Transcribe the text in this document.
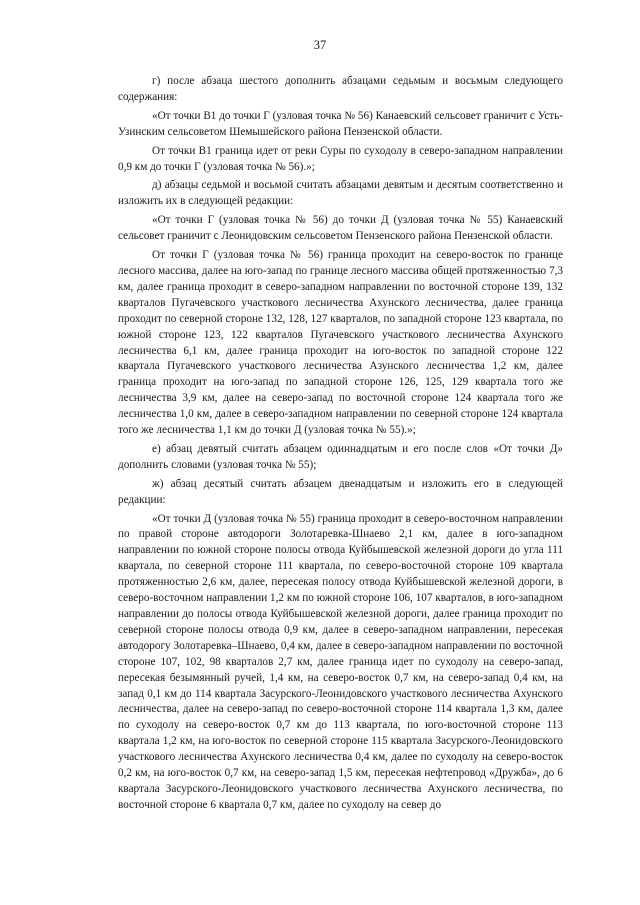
37

г) после абзаца шестого дополнить абзацами седьмым и восьмым следующего содержания:

«От точки В1 до точки Г (узловая точка № 56) Канаевский сельсовет граничит с Усть-Узинским сельсоветом Шемышейского района Пензенской области.

От точки В1 граница идет от реки Суры по суходолу в северо-западном направлении 0,9 км до точки Г (узловая точка № 56).»;

д) абзацы седьмой и восьмой считать абзацами девятым и десятым соответственно и изложить их в следующей редакции:

«От точки Г (узловая точка № 56) до точки Д (узловая точка № 55) Канаевский сельсовет граничит с Леонидовским сельсоветом Пензенского района Пензенской области.

От точки Г (узловая точка № 56) граница проходит на северо-восток по границе лесного массива, далее на юго-запад по границе лесного массива общей протяженностью 7,3 км, далее граница проходит в северо-западном направлении по восточной стороне 139, 132 кварталов Пугачевского участкового лесничества Ахунского лесничества, далее граница проходит по северной стороне 132, 128, 127 кварталов, по западной стороне 123 квартала, по южной стороне 123, 122 кварталов Пугачевского участкового лесничества Ахунского лесничества 6,1 км, далее граница проходит на юго-восток по западной стороне 122 квартала Пугачевского участкового лесничества Азунского лесничества 1,2 км, далее граница проходит на юго-запад по западной стороне 126, 125, 129 квартала того же лесничества 3,9 км, далее на северо-запад по восточной стороне 124 квартала того же лесничества 1,0 км, далее в северо-западном направлении по северной стороне 124 квартала того же лесничества 1,1 км до точки Д (узловая точка № 55).»;

е) абзац девятый считать абзацем одиннадцатым и его после слов «От точки Д» дополнить словами (узловая точка № 55);

ж) абзац десятый считать абзацем двенадцатым и изложить его в следующей редакции:

«От точки Д (узловая точка № 55) граница проходит в северо-восточном направлении по правой стороне автодороги Золотаревка-Шнаево 2,1 км, далее в юго-западном направлении по южной стороне полосы отвода Куйбышевской железной дороги до угла 111 квартала, по северной стороне 111 квартала, по северо-восточной стороне 109 квартала протяженностью 2,6 км, далее, пересекая полосу отвода Куйбышевской железной дороги, в северо-восточном направлении 1,2 км по южной стороне 106, 107 кварталов, в юго-западном направлении до полосы отвода Куйбышевской железной дороги, далее граница проходит по северной стороне полосы отвода 0,9 км, далее в северо-западном направлении, пересекая автодорогу Золотаревка–Шнаево, 0,4 км, далее в северо-западном направлении по восточной стороне 107, 102, 98 кварталов 2,7 км, далее граница идет по суходолу на северо-запад, пересекая безымянный ручей, 1,4 км, на северо-восток 0,7 км, на северо-запад 0,4 км, на запад 0,1 км до 114 квартала Засурского-Леонидовского участкового лесничества Ахунского лесничества, далее на северо-запад по северо-восточной стороне 114 квартала 1,3 км, далее по суходолу на северо-восток 0,7 км до 113 квартала, по юго-восточной стороне 113 квартала 1,2 км, на юго-восток по северной стороне 115 квартала Засурского-Леонидовского участкового лесничества Ахунского лесничества 0,4 км, далее по суходолу на северо-восток 0,2 км, на юго-восток 0,7 км, на северо-запад 1,5 км, пересекая нефтепровод «Дружба», до 6 квартала Засурского-Леонидовского участкового лесничества Ахунского лесничества, по восточной стороне 6 квартала 0,7 км, далее по суходолу на север до
